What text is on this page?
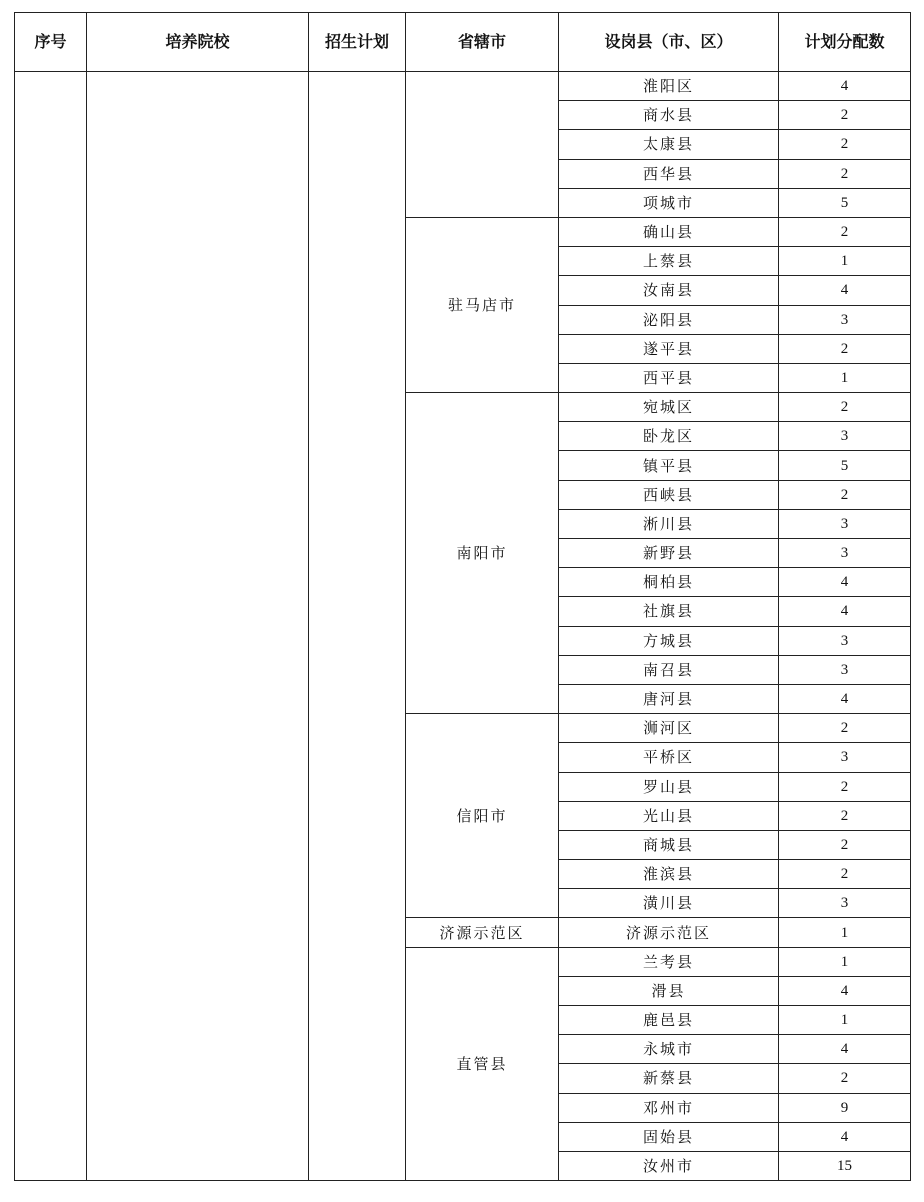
序号	培养院校	招生计划	省辖市	设岗县（市、区）	计划分配数
				淮阳区	4
				商水县	2
				太康县	2
				西华县	2
				项城市	5
			驻马店市	确山县	2
				上蔡县	1
				汝南县	4
				泌阳县	3
				遂平县	2
				西平县	1
			南阳市	宛城区	2
				卧龙区	3
				镇平县	5
				西峡县	2
				淅川县	3
				新野县	3
				桐柏县	4
				社旗县	4
				方城县	3
				南召县	3
				唐河县	4
			信阳市	浉河区	2
				平桥区	3
				罗山县	2
				光山县	2
				商城县	2
				淮滨县	2
				潢川县	3
			济源示范区	济源示范区	1
			直管县	兰考县	1
				滑县	4
				鹿邑县	1
				永城市	4
				新蔡县	2
				邓州市	9
				固始县	4
				汝州市	15
